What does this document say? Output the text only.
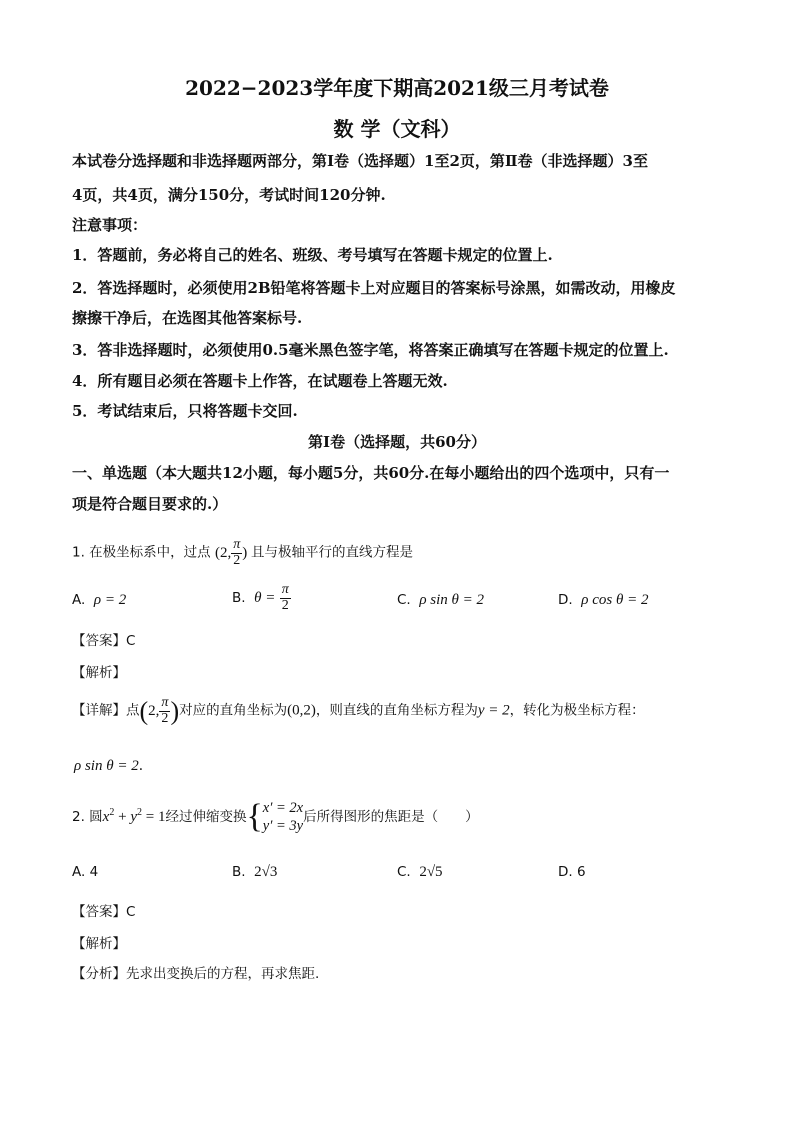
2022−2023学年度下期高2021级三月考试卷
数 学（文科）
本试卷分选择题和非选择题两部分，第Ⅰ卷（选择题）1至2页，第Ⅱ卷（非选择题）3至
4页，共4页，满分150分，考试时间120分钟.
注意事项：
1．答题前，务必将自己的姓名、班级、考号填写在答题卡规定的位置上.
2．答选择题时，必须使用2B铅笔将答题卡上对应题目的答案标号涂黑，如需改动，用橡皮
擦擦干净后，在选图其他答案标号.
3．答非选择题时，必须使用0.5毫米黑色签字笔，将答案正确填写在答题卡规定的位置上.
4．所有题目必须在答题卡上作答，在试题卷上答题无效.
5．考试结束后，只将答题卡交回.
第Ⅰ卷（选择题，共60分）
一、单选题（本大题共12小题，每小题5分，共60分.在每小题给出的四个选项中，只有一
项是符合题目要求的.）
1. 在极坐标系中，过点 (2, $\frac{\pi}{2}$ ) 且与极轴平行的直线方程是
A. ρ = 2	B. $\theta = \frac{\pi}{2}$	C. ρ sin θ = 2	D. ρ cos θ = 2
【答案】C
【解析】
【详解】点(2, $\frac{\pi}{2}$ )对应的直角坐标为(0,2)，则直线的直角坐标方程为y = 2，转化为极坐标方程：
ρ sin θ = 2.
2. 圆$x^2 + y^2 = 1$经过伸缩变换{ x′ = 2x
y′ = 3y
后所得图形的焦距是（　　）
A. 4	B. 2√3	C. 2√5	D. 6
【答案】C
【解析】
【分析】先求出变换后的方程，再求焦距.
